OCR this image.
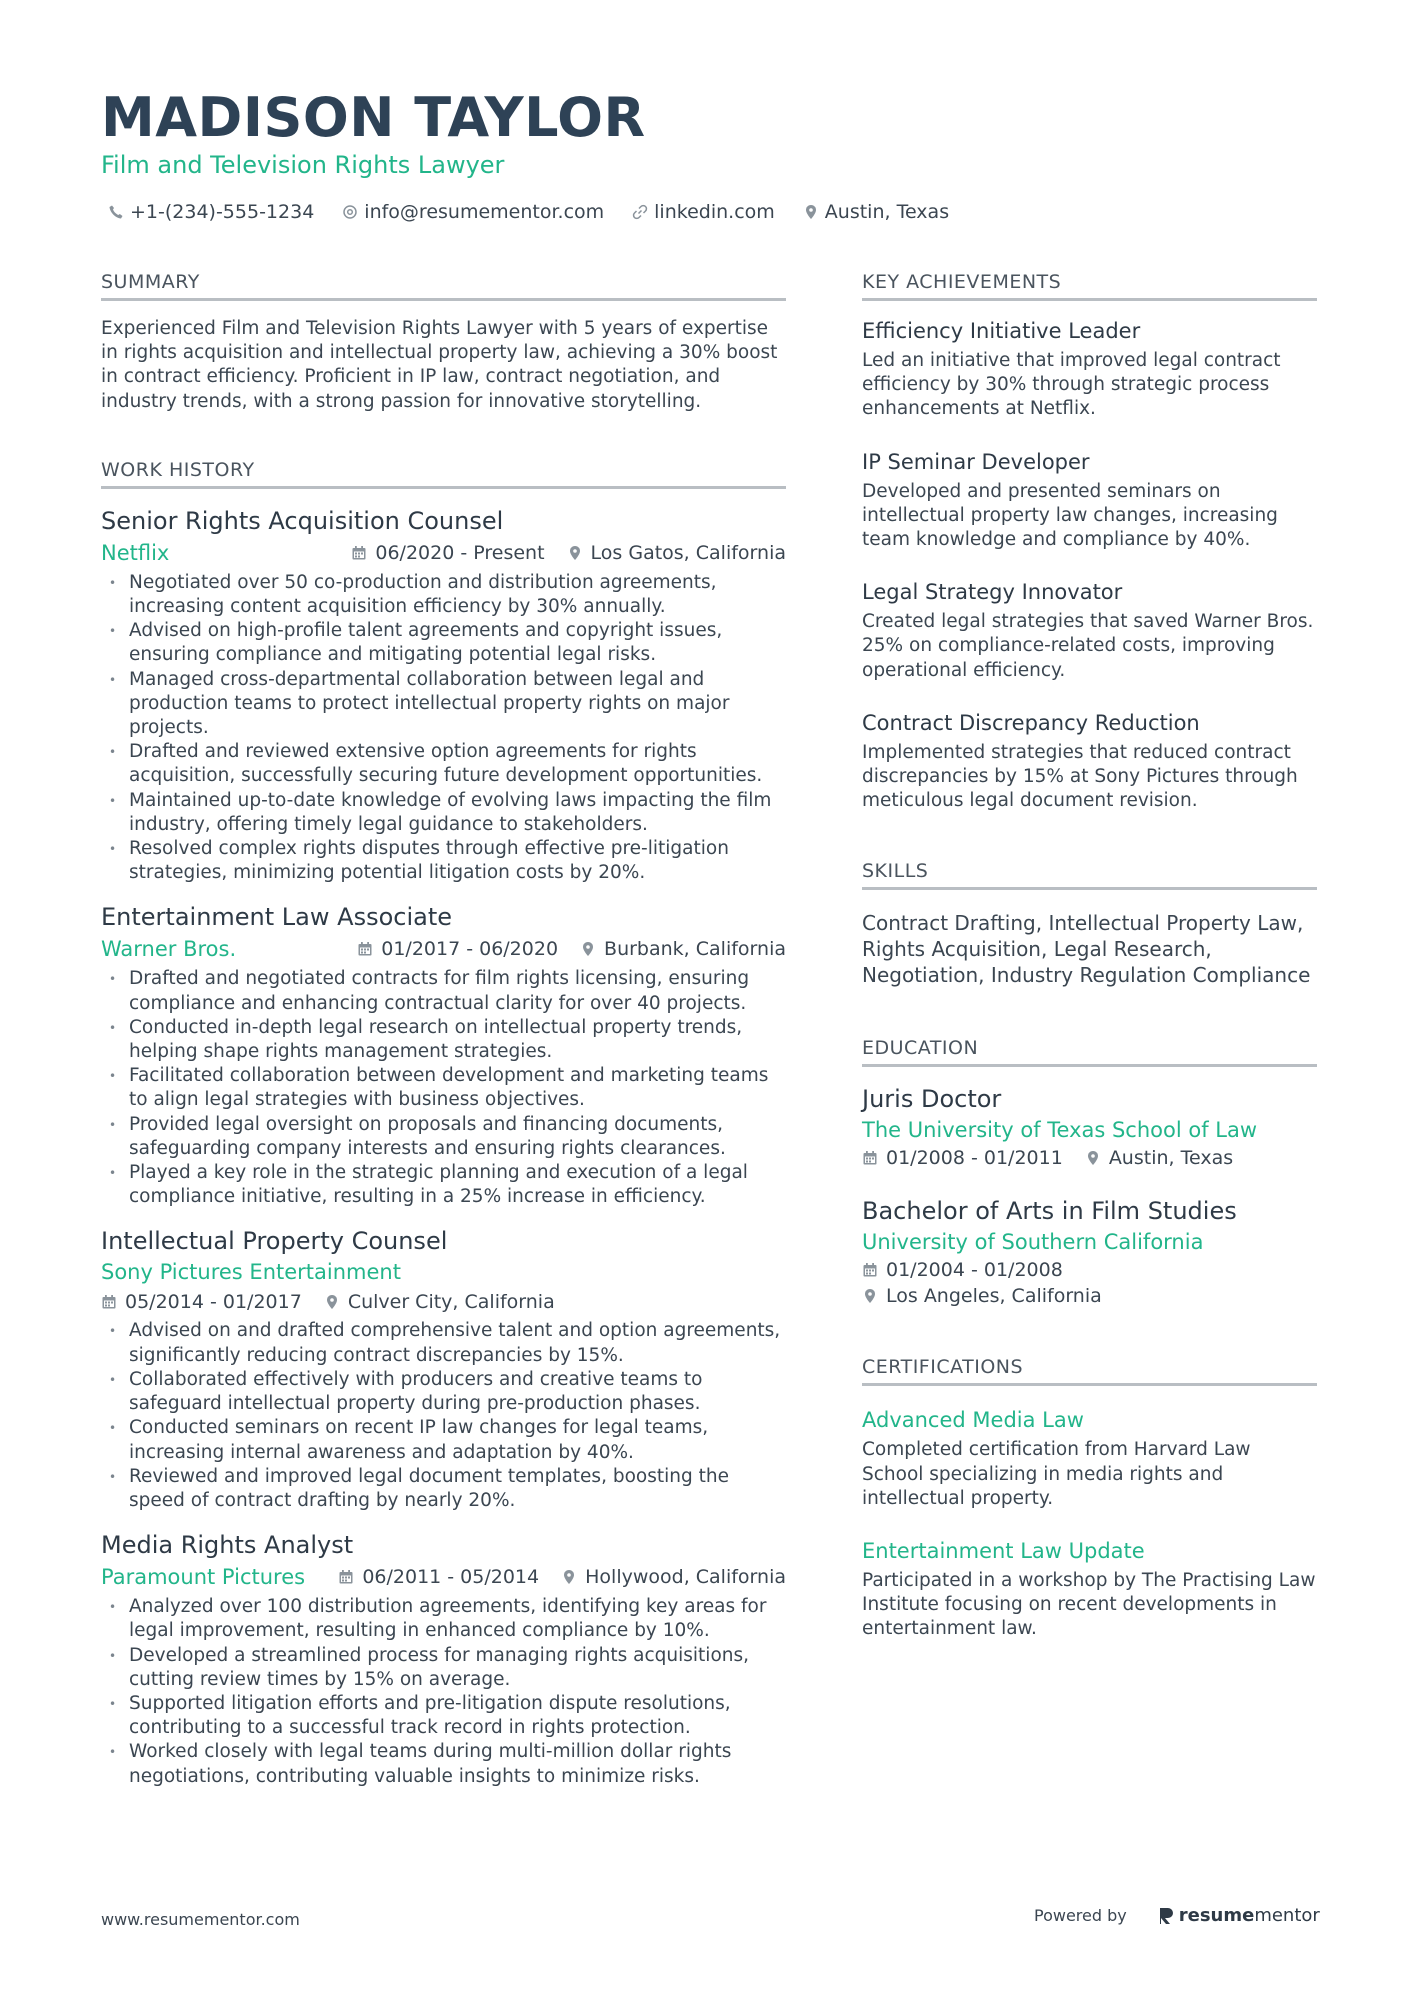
MADISON TAYLOR
Film and Television Rights Lawyer
+1-(234)-555-1234	info@resumementor.com	linkedin.com	Austin, Texas
SUMMARY

Experienced Film and Television Rights Lawyer with 5 years of expertise in rights acquisition and intellectual property law, achieving a 30% boost in contract efficiency. Proficient in IP law, contract negotiation, and industry trends, with a strong passion for innovative storytelling.

WORK HISTORY
Senior Rights Acquisition Counsel
Netflix	06/2020 - Present Los Gatos, California
• Negotiated over 50 co-production and distribution agreements, increasing content acquisition efficiency by 30% annually.
• Advised on high-profile talent agreements and copyright issues, ensuring compliance and mitigating potential legal risks.
• Managed cross-departmental collaboration between legal and production teams to protect intellectual property rights on major projects.
• Drafted and reviewed extensive option agreements for rights acquisition, successfully securing future development opportunities.
• Maintained up-to-date knowledge of evolving laws impacting the film industry, offering timely legal guidance to stakeholders.
• Resolved complex rights disputes through effective pre-litigation strategies, minimizing potential litigation costs by 20%.
Entertainment Law Associate
Warner Bros.	01/2017 - 06/2020 Burbank, California
• Drafted and negotiated contracts for film rights licensing, ensuring compliance and enhancing contractual clarity for over 40 projects.
• Conducted in-depth legal research on intellectual property trends, helping shape rights management strategies.
• Facilitated collaboration between development and marketing teams to align legal strategies with business objectives.
• Provided legal oversight on proposals and financing documents, safeguarding company interests and ensuring rights clearances.
• Played a key role in the strategic planning and execution of a legal compliance initiative, resulting in a 25% increase in efficiency.
Intellectual Property Counsel
Sony Pictures Entertainment
05/2014 - 01/2017 Culver City, California
• Advised on and drafted comprehensive talent and option agreements, significantly reducing contract discrepancies by 15%.
• Collaborated effectively with producers and creative teams to safeguard intellectual property during pre-production phases.
• Conducted seminars on recent IP law changes for legal teams, increasing internal awareness and adaptation by 40%.
• Reviewed and improved legal document templates, boosting the speed of contract drafting by nearly 20%.
Media Rights Analyst
Paramount Pictures	06/2011 - 05/2014 Hollywood, California
• Analyzed over 100 distribution agreements, identifying key areas for legal improvement, resulting in enhanced compliance by 10%.
• Developed a streamlined process for managing rights acquisitions, cutting review times by 15% on average.
• Supported litigation efforts and pre-litigation dispute resolutions, contributing to a successful track record in rights protection.
• Worked closely with legal teams during multi-million dollar rights negotiations, contributing valuable insights to minimize risks.
KEY ACHIEVEMENTS
Efficiency Initiative Leader
Led an initiative that improved legal contract efficiency by 30% through strategic process enhancements at Netflix.
IP Seminar Developer
Developed and presented seminars on intellectual property law changes, increasing team knowledge and compliance by 40%.
Legal Strategy Innovator
Created legal strategies that saved Warner Bros. 25% on compliance-related costs, improving operational efficiency.
Contract Discrepancy Reduction
Implemented strategies that reduced contract discrepancies by 15% at Sony Pictures through meticulous legal document revision.
SKILLS
Contract Drafting, Intellectual Property Law, Rights Acquisition, Legal Research, Negotiation, Industry Regulation Compliance
EDUCATION
Juris Doctor
The University of Texas School of Law
01/2008 - 01/2011 Austin, Texas
Bachelor of Arts in Film Studies
University of Southern California
01/2004 - 01/2008
Los Angeles, California
CERTIFICATIONS
Advanced Media Law
Completed certification from Harvard Law School specializing in media rights and intellectual property.
Entertainment Law Update
Participated in a workshop by The Practising Law Institute focusing on recent developments in entertainment law.
www.resumementor.com	Powered by	resume mentor
